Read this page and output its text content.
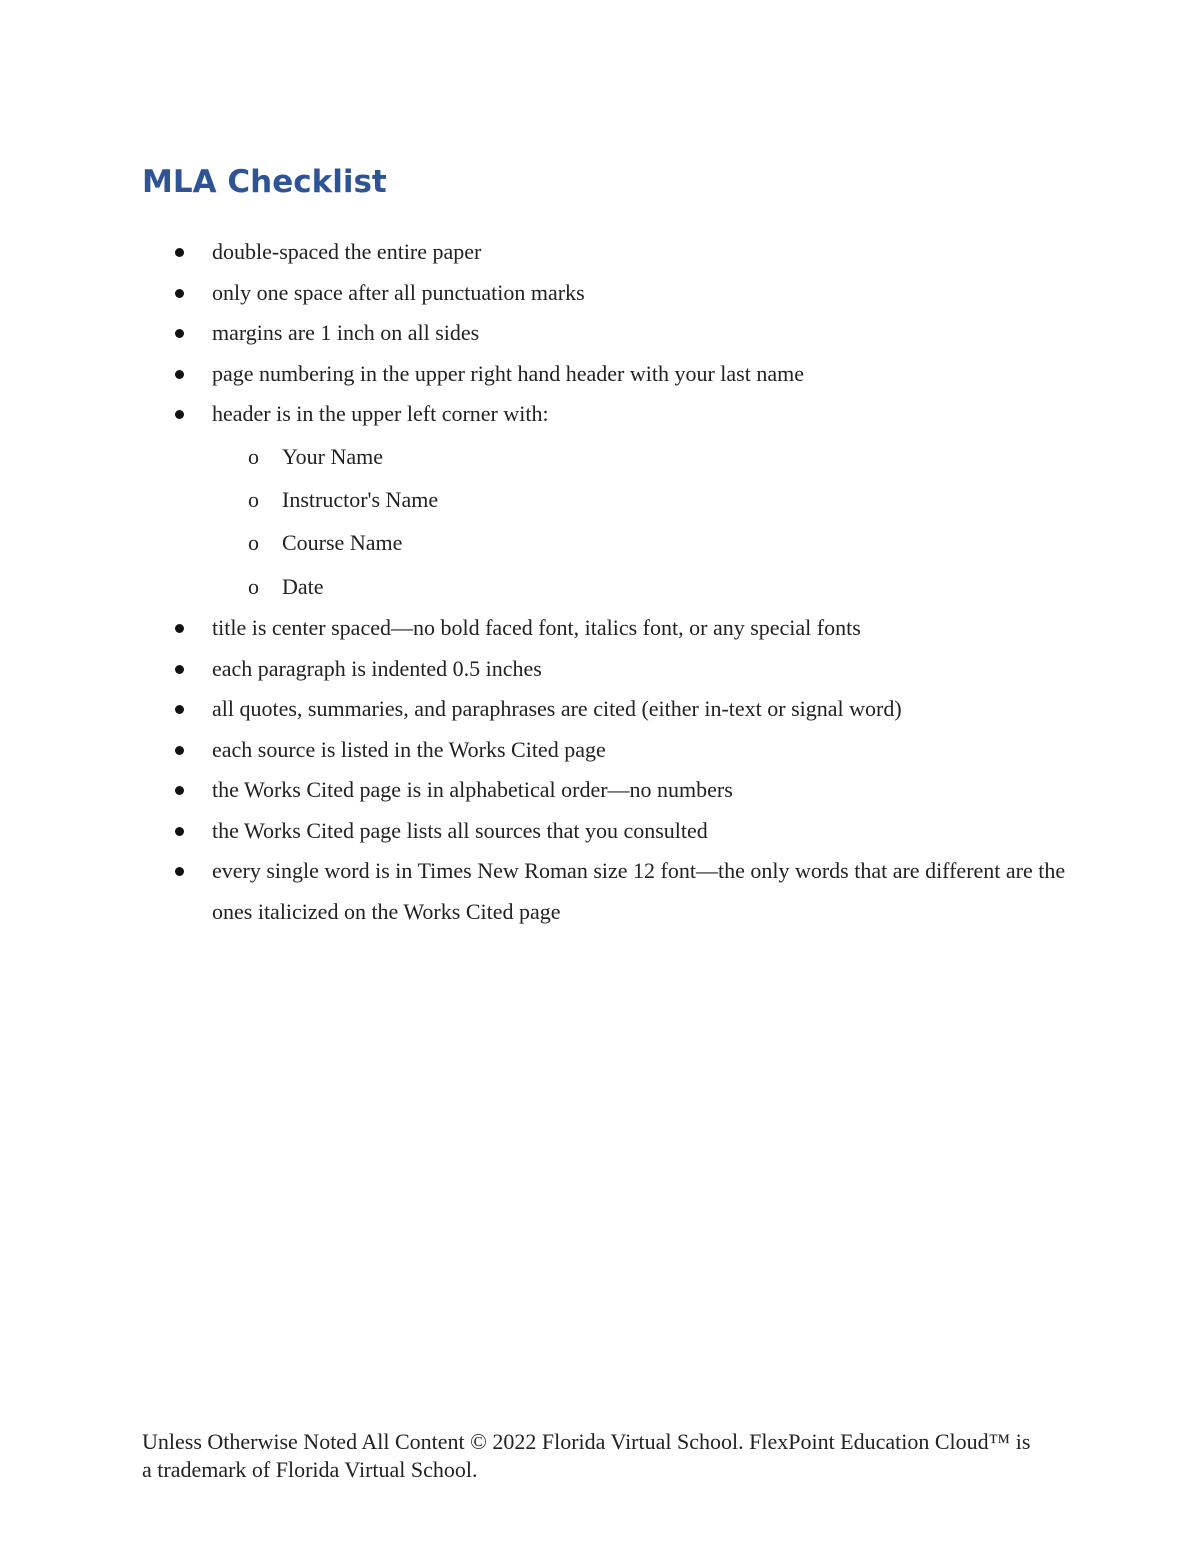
MLA Checklist
double-spaced the entire paper
only one space after all punctuation marks
margins are 1 inch on all sides
page numbering in the upper right hand header with your last name
header is in the upper left corner with:
o Your Name
o Instructor's Name
o Course Name
o Date
title is center spaced—no bold faced font, italics font, or any special fonts
each paragraph is indented 0.5 inches
all quotes, summaries, and paraphrases are cited (either in-text or signal word)
each source is listed in the Works Cited page
the Works Cited page is in alphabetical order—no numbers
the Works Cited page lists all sources that you consulted
every single word is in Times New Roman size 12 font—the only words that are different are the ones italicized on the Works Cited page

Unless Otherwise Noted All Content © 2022 Florida Virtual School. FlexPoint Education Cloud™ is a trademark of Florida Virtual School.
